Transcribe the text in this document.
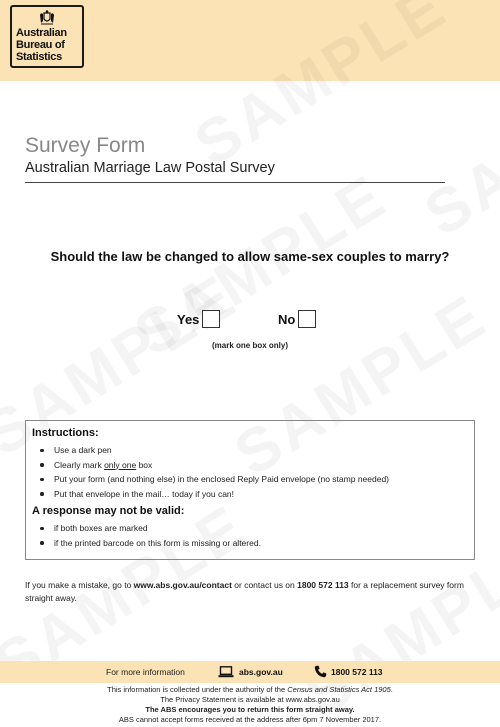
Australian
Bureau of
Statistics
Survey Form
Australian Marriage Law Postal Survey
Should the law be changed to allow same-sex couples to marry?
Yes	No
(mark one box only)
Instructions:
Use a dark pen
Clearly mark only one box
Put your form (and nothing else) in the enclosed Reply Paid envelope (no stamp needed)
Put that envelope in the mail… today if you can!
A response may not be valid:
if both boxes are marked
if the printed barcode on this form is missing or altered.
If you make a mistake, go to www.abs.gov.au/contact or contact us on 1800 572 113 for a replacement survey form straight away.
For more information	abs.gov.au	1800 572 113
This information is collected under the authority of the Census and Statistics Act 1905.
The Privacy Statement is available at www.abs.gov.au
The ABS encourages you to return this form straight away.
ABS cannot accept forms received at the address after 6pm 7 November 2017.
